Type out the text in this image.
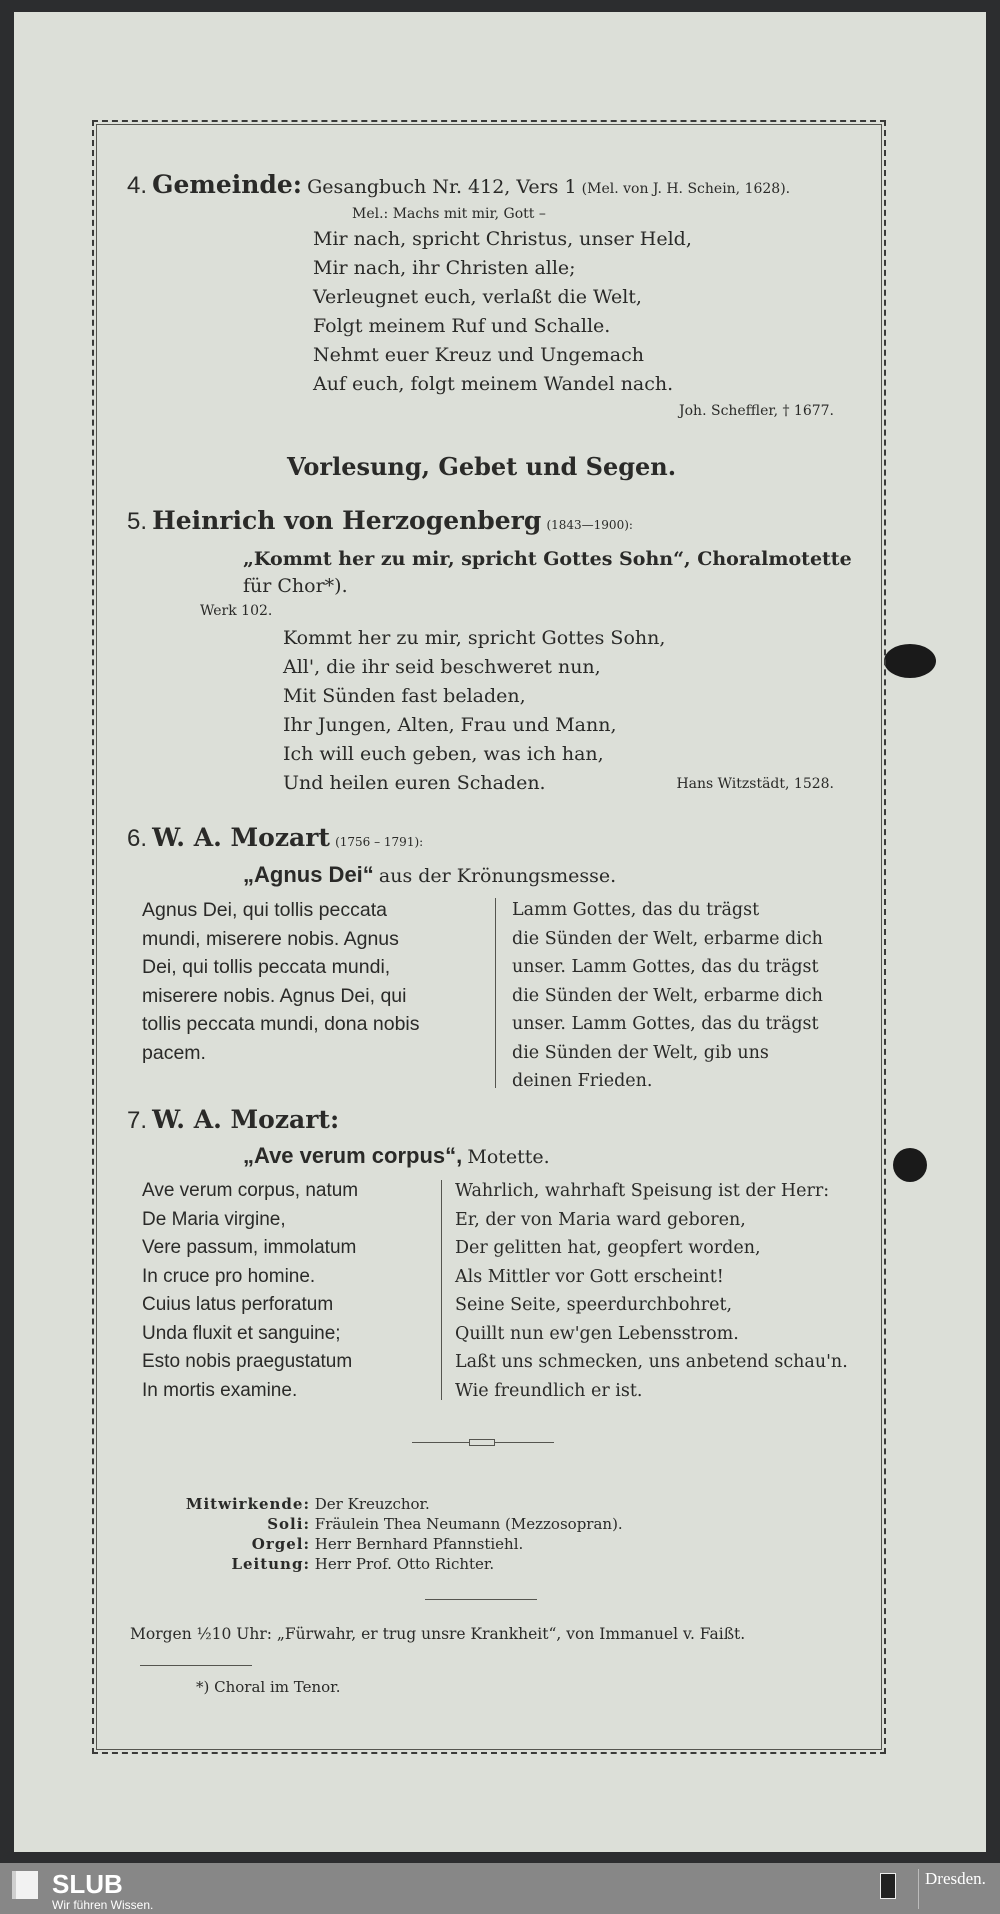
4. Gemeinde: Gesangbuch Nr. 412, Vers 1 (Mel. von J. H. Schein, 1628).
Mel.: Machs mit mir, Gott –
Mir nach, spricht Christus, unser Held,
Mir nach, ihr Christen alle;
Verleugnet euch, verlaßt die Welt,
Folgt meinem Ruf und Schalle.
Nehmt euer Kreuz und Ungemach
Auf euch, folgt meinem Wandel nach.
Joh. Scheffler, † 1677.
Vorlesung, Gebet und Segen.
5. Heinrich von Herzogenberg (1843—1900):
„Kommt her zu mir, spricht Gottes Sohn“, Choralmotette
für Chor*).
Werk 102.
Kommt her zu mir, spricht Gottes Sohn,
All', die ihr seid beschweret nun,
Mit Sünden fast beladen,
Ihr Jungen, Alten, Frau und Mann,
Ich will euch geben, was ich han,
Und heilen euren Schaden.	Hans Witzstädt, 1528.
6. W. A. Mozart (1756 – 1791):
„Agnus Dei“ aus der Krönungsmesse.
Agnus Dei, qui tollis peccata
mundi, miserere nobis. Agnus
Dei, qui tollis peccata mundi,
miserere nobis. Agnus Dei, qui
tollis peccata mundi, dona nobis
pacem.
Lamm Gottes, das du trägst
die Sünden der Welt, erbarme dich
unser. Lamm Gottes, das du trägst
die Sünden der Welt, erbarme dich
unser. Lamm Gottes, das du trägst
die Sünden der Welt, gib uns
deinen Frieden.
7. W. A. Mozart:
„Ave verum corpus“, Motette.
Ave verum corpus, natum
De Maria virgine,
Vere passum, immolatum
In cruce pro homine.
Cuius latus perforatum
Unda fluxit et sanguine;
Esto nobis praegustatum
In mortis examine.
Wahrlich, wahrhaft Speisung ist der Herr:
Er, der von Maria ward geboren,
Der gelitten hat, geopfert worden,
Als Mittler vor Gott erscheint!
Seine Seite, speerdurchbohret,
Quillt nun ew'gen Lebensstrom.
Laßt uns schmecken, uns anbetend schau'n.
Wie freundlich er ist.
Mitwirkende: Der Kreuzchor.
Soli: Fräulein Thea Neumann (Mezzosopran).
Orgel: Herr Bernhard Pfannstiehl.
Leitung: Herr Prof. Otto Richter.
Morgen ½10 Uhr: „Fürwahr, er trug unsre Krankheit“, von Immanuel v. Faißt.
*) Choral im Tenor.
SLUB
Wir führen Wissen.
Dresden.
